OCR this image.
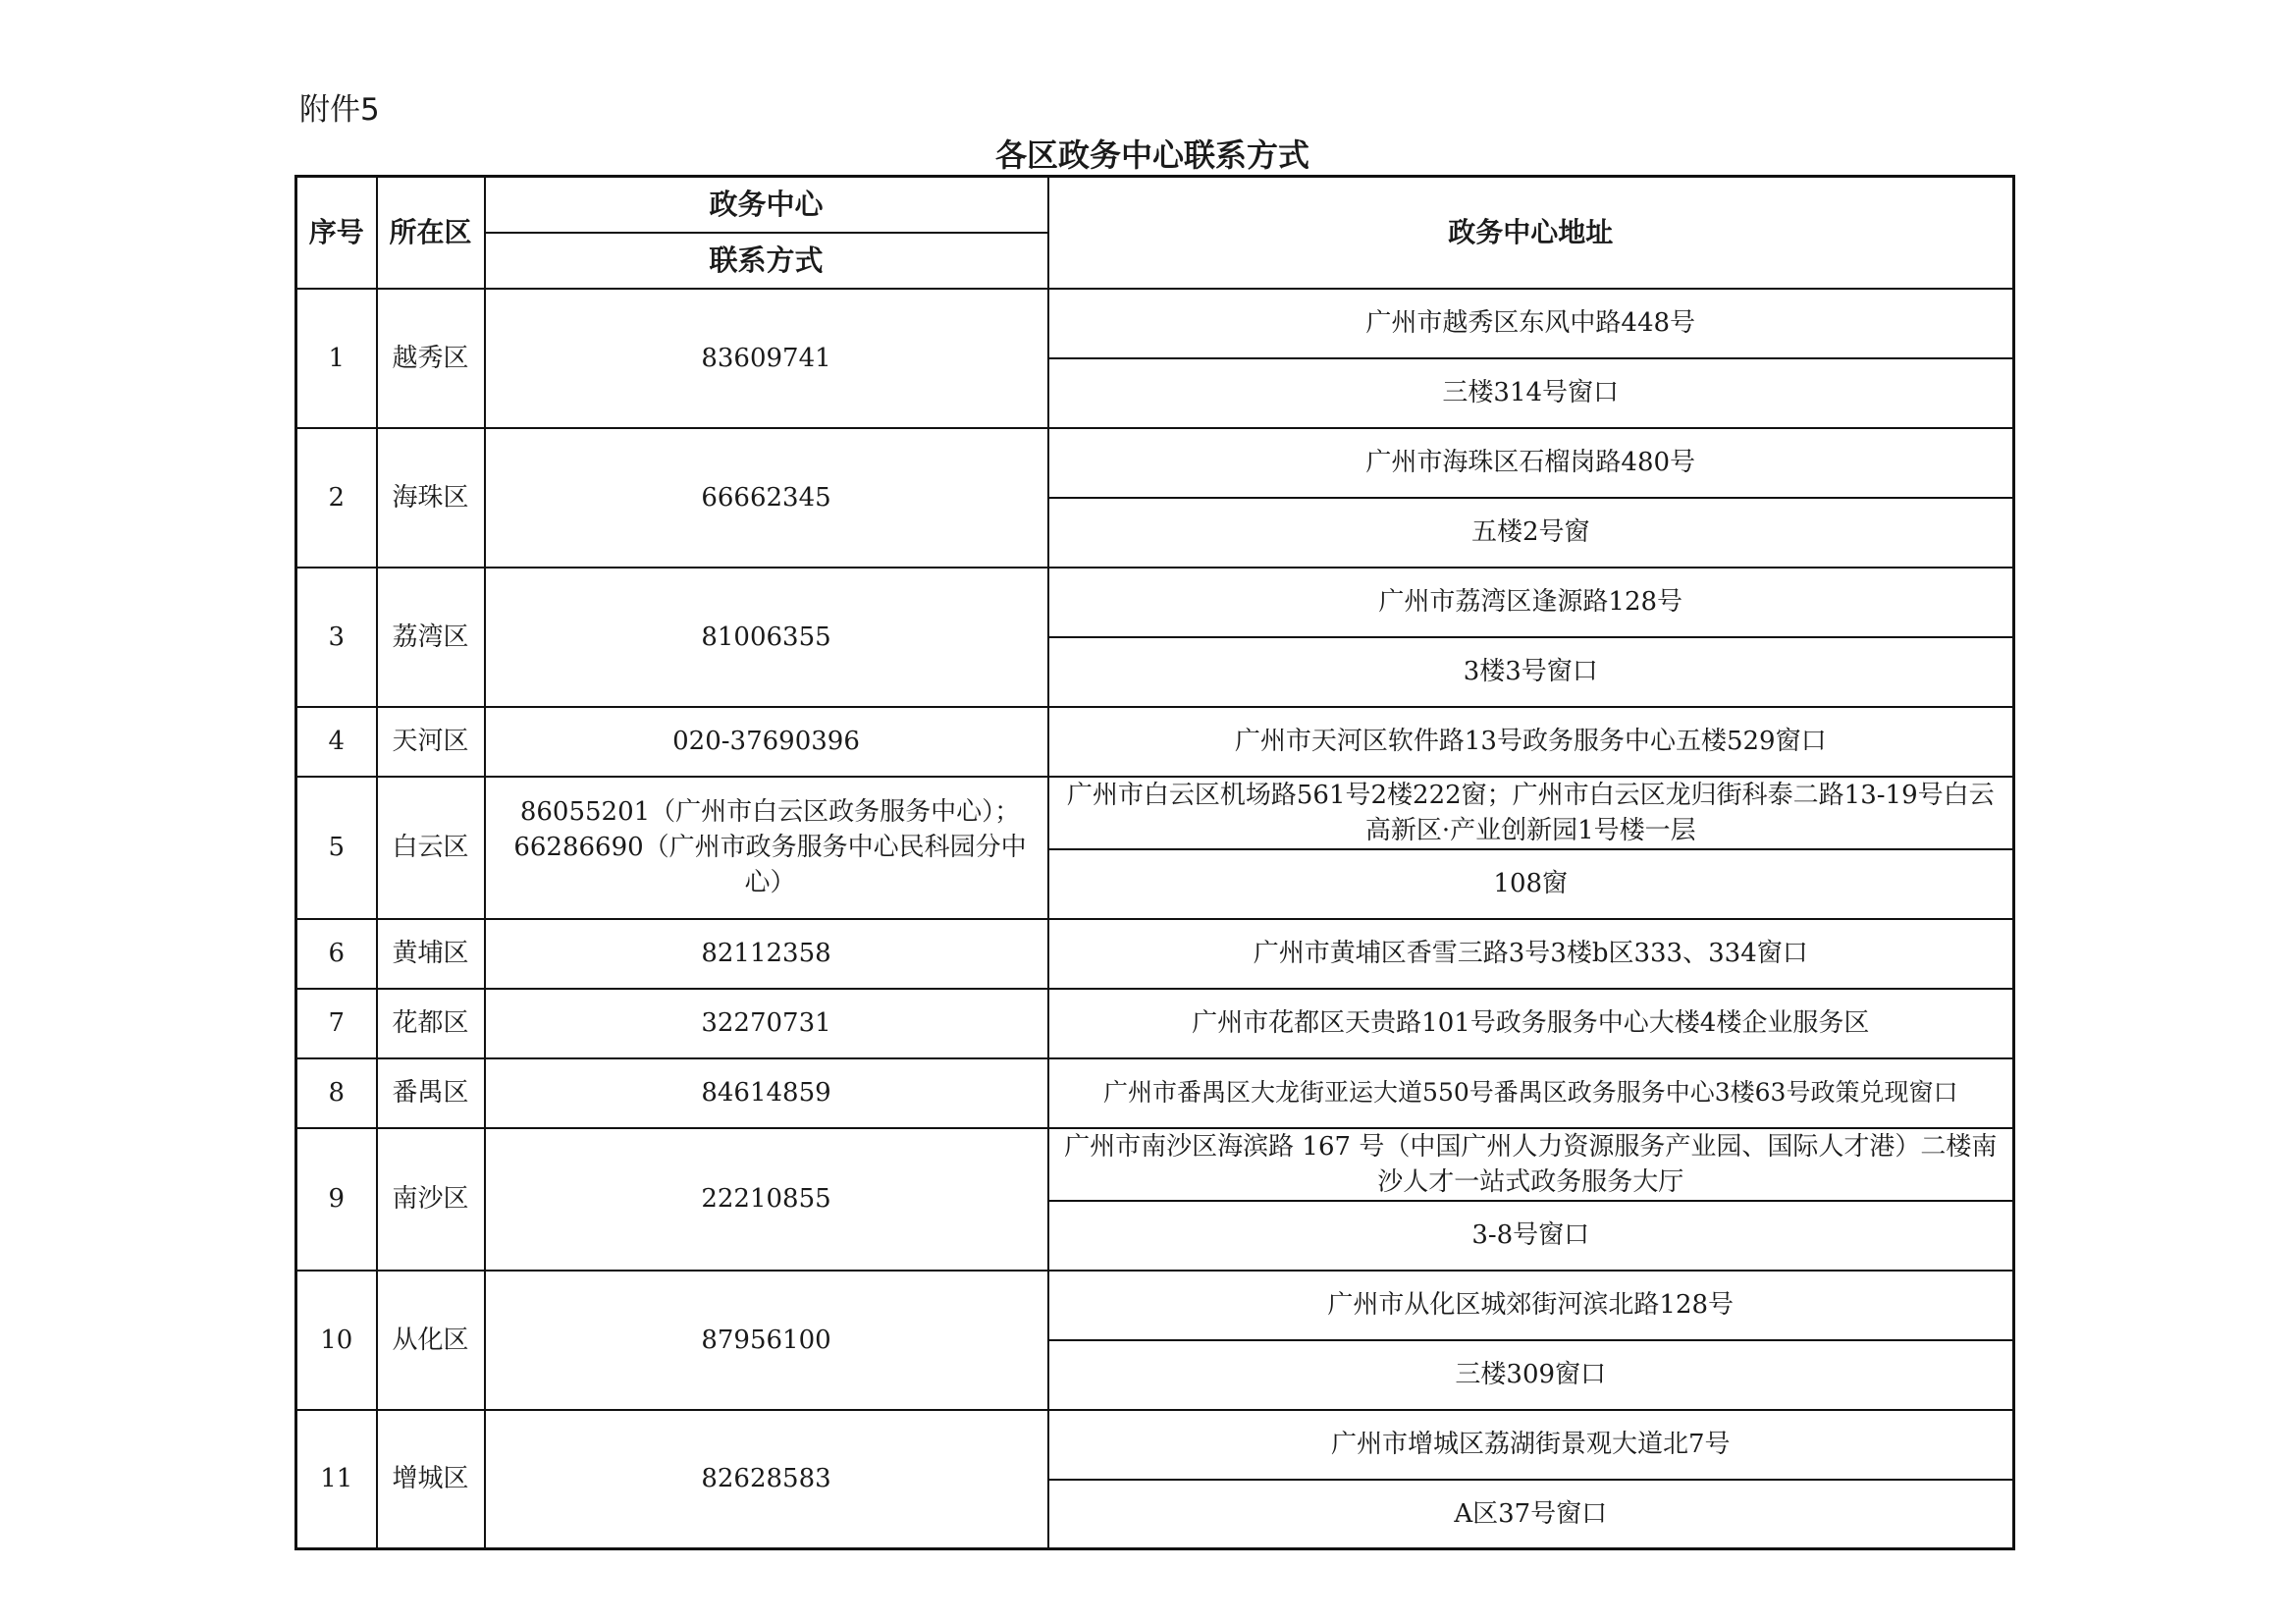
附件5
各区政务中心联系方式
序号	所在区	政务中心	政务中心地址
		联系方式	
1	越秀区	83609741	广州市越秀区东风中路448号
			三楼314号窗口
2	海珠区	66662345	广州市海珠区石榴岗路480号
			五楼2号窗
3	荔湾区	81006355	广州市荔湾区逢源路128号
			3楼3号窗口
4	天河区	020-37690396	广州市天河区软件路13号政务服务中心五楼529窗口
5	白云区	86055201（广州市白云区政务服务中心）；66286690（广州市政务服务中心民科园分中心）	广州市白云区机场路561号2楼222窗；广州市白云区龙归街科泰二路13-19号白云高新区·产业创新园1号楼一层
			108窗
6	黄埔区	82112358	广州市黄埔区香雪三路3号3楼b区333、334窗口
7	花都区	32270731	广州市花都区天贵路101号政务服务中心大楼4楼企业服务区
8	番禺区	84614859	广州市番禺区大龙街亚运大道550号番禺区政务服务中心3楼63号政策兑现窗口
9	南沙区	22210855	广州市南沙区海滨路 167 号（中国广州人力资源服务产业园、国际人才港）二楼南沙人才一站式政务服务大厅
			3-8号窗口
10	从化区	87956100	广州市从化区城郊街河滨北路128号
			三楼309窗口
11	增城区	82628583	广州市增城区荔湖街景观大道北7号
			A区37号窗口
